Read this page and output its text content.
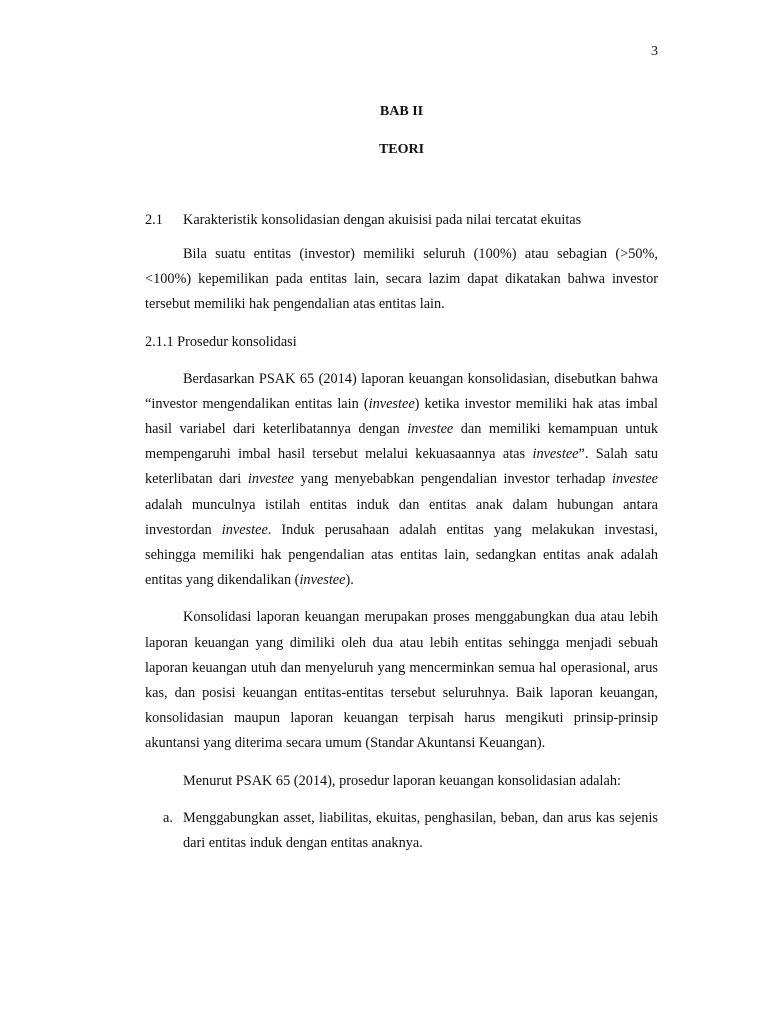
3
BAB II
TEORI

2.1 Karakteristik konsolidasian dengan akuisisi pada nilai tercatat ekuitas

Bila suatu entitas (investor) memiliki seluruh (100%) atau sebagian (>50%, <100%) kepemilikan pada entitas lain, secara lazim dapat dikatakan bahwa investor tersebut memiliki hak pengendalian atas entitas lain.

2.1.1 Prosedur konsolidasi

Berdasarkan PSAK 65 (2014) laporan keuangan konsolidasian, disebutkan bahwa “investor mengendalikan entitas lain (investee) ketika investor memiliki hak atas imbal hasil variabel dari keterlibatannya dengan investee dan memiliki kemampuan untuk mempengaruhi imbal hasil tersebut melalui kekuasaannya atas investee”. Salah satu keterlibatan dari investee yang menyebabkan pengendalian investor terhadap investee adalah munculnya istilah entitas induk dan entitas anak dalam hubungan antara investordan investee. Induk perusahaan adalah entitas yang melakukan investasi, sehingga memiliki hak pengendalian atas entitas lain, sedangkan entitas anak adalah entitas yang dikendalikan (investee).

Konsolidasi laporan keuangan merupakan proses menggabungkan dua atau lebih laporan keuangan yang dimiliki oleh dua atau lebih entitas sehingga menjadi sebuah laporan keuangan utuh dan menyeluruh yang mencerminkan semua hal operasional, arus kas, dan posisi keuangan entitas-entitas tersebut seluruhnya. Baik laporan keuangan, konsolidasian maupun laporan keuangan terpisah harus mengikuti prinsip-prinsip akuntansi yang diterima secara umum (Standar Akuntansi Keuangan).

Menurut PSAK 65 (2014), prosedur laporan keuangan konsolidasian adalah:

a. Menggabungkan asset, liabilitas, ekuitas, penghasilan, beban, dan arus kas sejenis dari entitas induk dengan entitas anaknya.
